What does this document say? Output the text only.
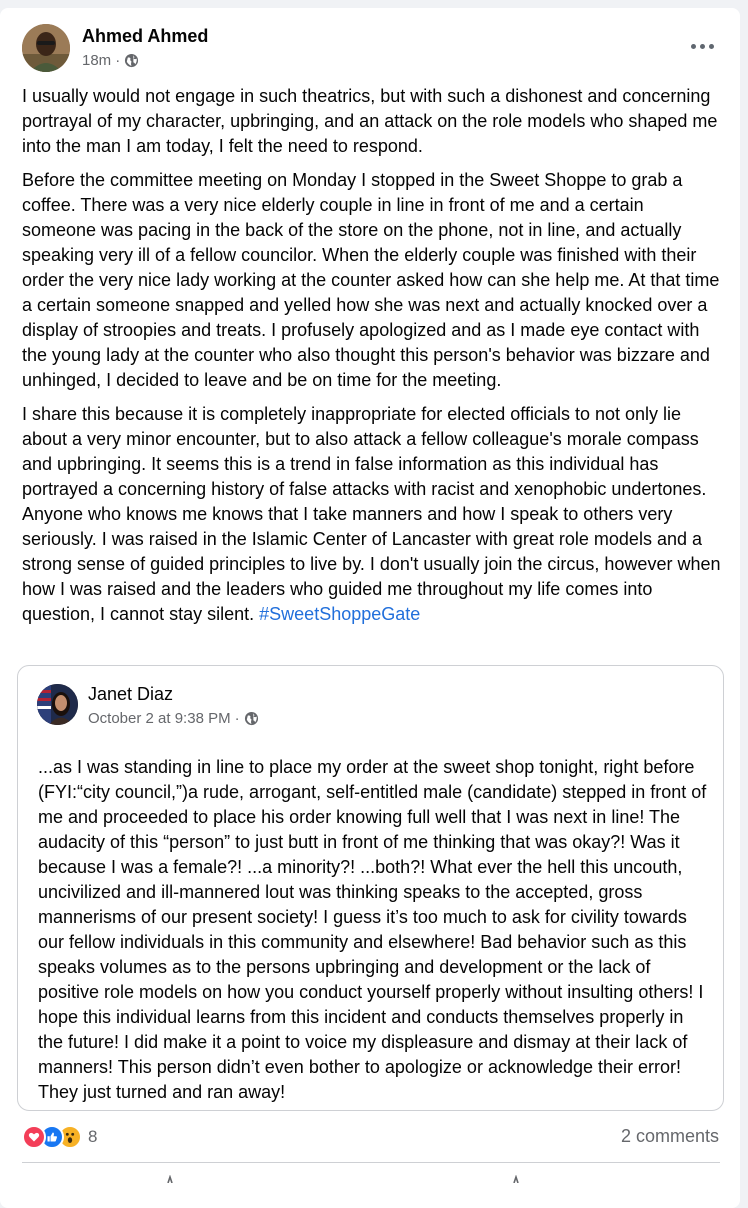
Ahmed Ahmed
18m ·

I usually would not engage in such theatrics, but with such a dishonest and concerning portrayal of my character, upbringing, and an attack on the role models who shaped me into the man I am today, I felt the need to respond.

Before the committee meeting on Monday I stopped in the Sweet Shoppe to grab a coffee. There was a very nice elderly couple in line in front of me and a certain someone was pacing in the back of the store on the phone, not in line, and actually speaking very ill of a fellow councilor. When the elderly couple was finished with their order the very nice lady working at the counter asked how can she help me. At that time a certain someone snapped and yelled how she was next and actually knocked over a display of stroopies and treats. I profusely apologized and as I made eye contact with the young lady at the counter who also thought this person's behavior was bizzare and unhinged, I decided to leave and be on time for the meeting.

I share this because it is completely inappropriate for elected officials to not only lie about a very minor encounter, but to also attack a fellow colleague's morale compass and upbringing. It seems this is a trend in false information as this individual has portrayed a concerning history of false attacks with racist and xenophobic undertones. Anyone who knows me knows that I take manners and how I speak to others very seriously. I was raised in the Islamic Center of Lancaster with great role models and a strong sense of guided principles to live by. I don't usually join the circus, however when how I was raised and the leaders who guided me throughout my life comes into question, I cannot stay silent. #SweetShoppeGate

Janet Diaz
October 2 at 9:38 PM ·
...as I was standing in line to place my order at the sweet shop tonight, right before (FYI:“city council,”)a rude, arrogant, self-entitled male (candidate) stepped in front of me and proceeded to place his order knowing full well that I was next in line! The audacity of this “person” to just butt in front of me thinking that was okay?! Was it because I was a female?! ...a minority?! ...both?! What ever the hell this uncouth, uncivilized and ill-mannered lout was thinking speaks to the accepted, gross mannerisms of our present society! I guess it’s too much to ask for civility towards our fellow individuals in this community and elsewhere! Bad behavior such as this speaks volumes as to the persons upbringing and development or the lack of positive role models on how you conduct yourself properly without insulting others! I hope this individual learns from this incident and conducts themselves properly in the future! I did make it a point to voice my displeasure and dismay at their lack of manners! This person didn’t even bother to apologize or acknowledge their error! They just turned and ran away!
8	2 comments
